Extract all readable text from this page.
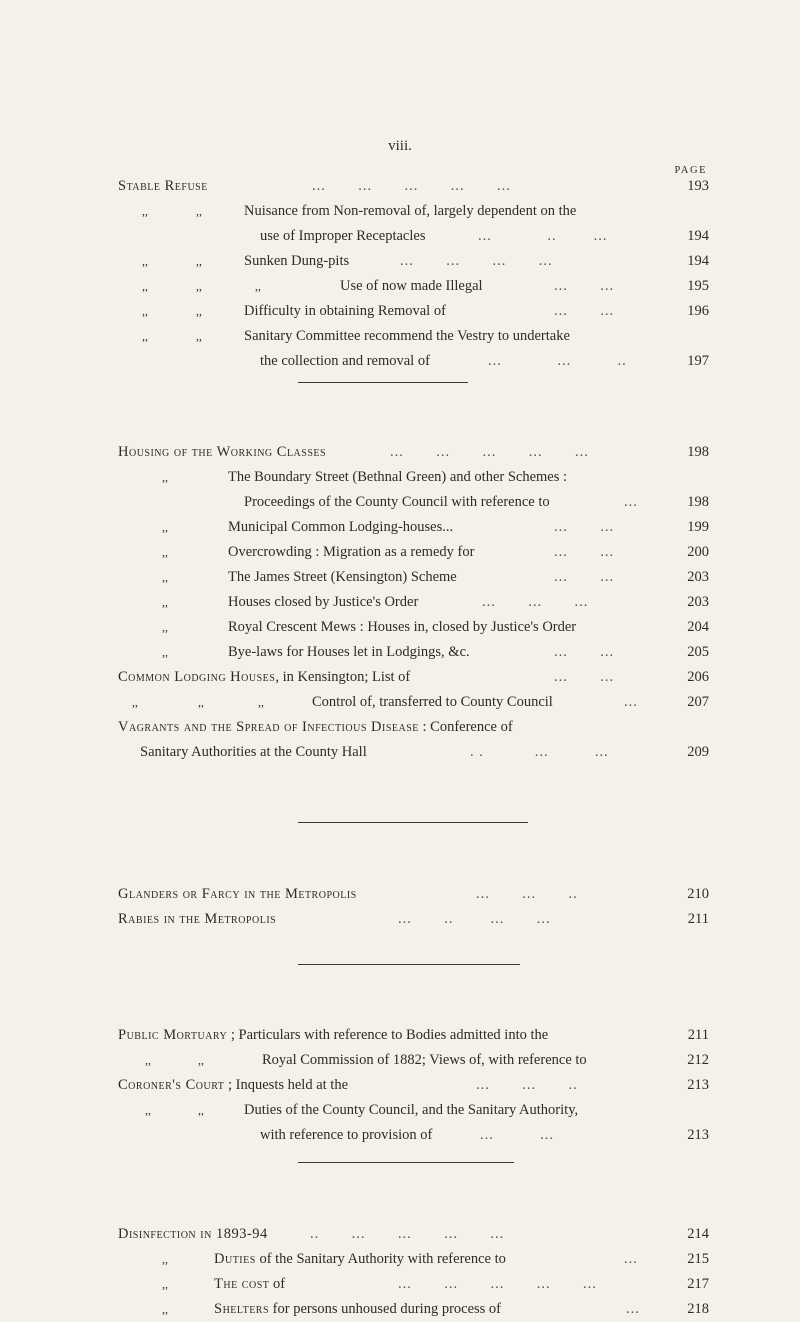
viii.
PAGE
Stable Refuse	...       ...       ...       ...       ...	193
,,	,,	Nuisance from Non-removal of, largely dependent on the
use of Improper Receptacles	...            ..        ...	194
,,	,,	Sunken Dung-pits	...       ...       ...       ...	194
,,	,,	,,	Use of now made Illegal	...       ...	195
,,	,,	Difficulty in obtaining Removal of	...       ...	196
,,	,,	Sanitary Committee recommend the Vestry to undertake
the collection and removal of	...            ...          ..	197
Housing of the Working Classes	...       ...       ...       ...       ...	198
,,	The Boundary Street (Bethnal Green) and other Schemes :
Proceedings of the County Council with reference to	...	198
,,	Municipal Common Lodging-houses...	...       ...	199
,,	Overcrowding : Migration as a remedy for	...       ...	200
,,	The James Street (Kensington) Scheme	...       ...	203
,,	Houses closed by Justice's Order	...       ...       ...	203
,,	Royal Crescent Mews : Houses in, closed by Justice's Order	204
,,	Bye-laws for Houses let in Lodgings, &c.	...       ...	205
Common Lodging Houses, in Kensington; List of	...       ...	206
,,	,,	,,	Control of, transferred to County Council	...	207
Vagrants and the Spread of Infectious Disease : Conference of
Sanitary Authorities at the County Hall	. .           ...          ...	209
Glanders or Farcy in the Metropolis	...       ...       ..	210
Rabies in the Metropolis	...       ..        ...       ...	211
Public Mortuary ; Particulars with reference to Bodies admitted into the	211
,,	,,	Royal Commission of 1882; Views of, with reference to	212
Coroner's Court ; Inquests held at the	...       ...       ..	213
,,	,,	Duties of the County Council, and the Sanitary Authority,
with reference to provision of	...          ...	213
Disinfection in 1893-94	..       ...       ...       ...       ...	214
,,	Duties of the Sanitary Authority with reference to	...	215
,,	The cost of	...       ...       ...       ...       ...	217
,,	Shelters for persons unhoused during process of	...	218
